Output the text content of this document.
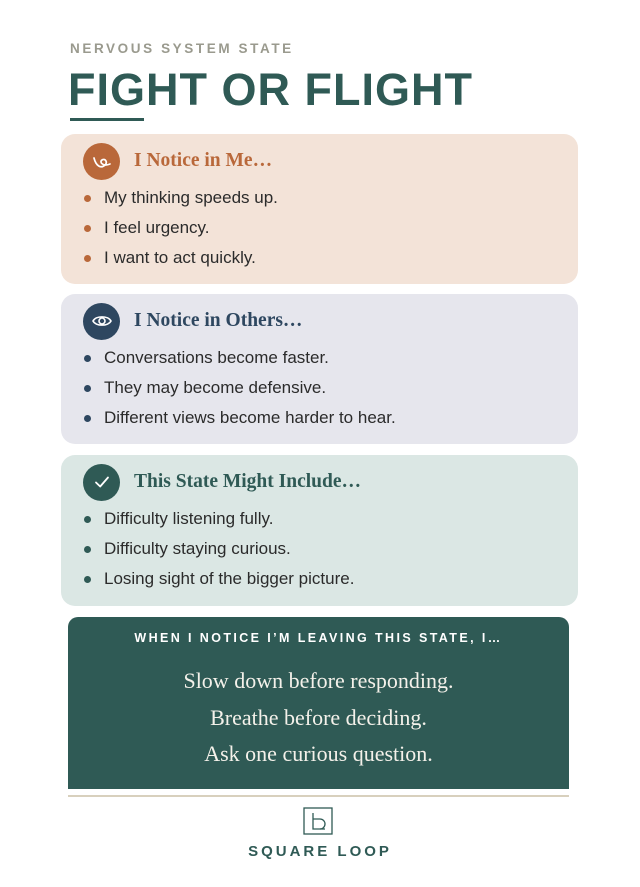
NERVOUS SYSTEM STATE
FIGHT OR FLIGHT
I Notice in Me…
My thinking speeds up.
I feel urgency.
I want to act quickly.
I Notice in Others…
Conversations become faster.
They may become defensive.
Different views become harder to hear.
This State Might Include…
Difficulty listening fully.
Difficulty staying curious.
Losing sight of the bigger picture.
WHEN I NOTICE I’M LEAVING THIS STATE, I…
Slow down before responding.
Breathe before deciding.
Ask one curious question.
SQUARE LOOP
